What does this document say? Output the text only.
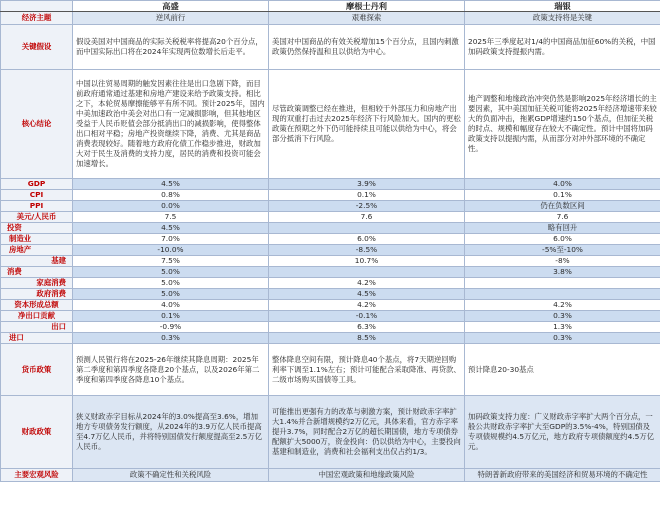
	高盛	摩根士丹利	瑞银
经济主题	逆风前行	艰难探索	政策支持将是关键
关键假设	假设美国对中国商品的实际关税税率将提高20个百分点，而中国实际出口将在2024年实现两位数增长后走平。	美国对中国商品的有效关税增加15个百分点，且国内刺激政策仍然保持温和且以供给为中心。	2025年三季度起对1/4的中国商品加征60%的关税，中国加码政策支持提振内需。
核心结论	中国以往贸易周期的触发因素往往是出口急剧下降，而目前政府通常通过基建和房地产建设来给予政策支持。相比之下，本轮贸易摩擦能够平有所不同。预计2025年，国内中美加速政治中美会对出口有一定减损影响，但其他地区受益于人民币贬值会部分抵消出口的减损影响，使得整体出口相对平稳；房地产投资继续下降，消费、尤其是商品消费表现较好。随着地方政府化债工作稳步推进，财政加大对于民生及消费的支持力度，居民的消费和投资可能会加速增长。	尽管政策调整已经在推进，但相较于外部压力和房地产出现的双重打击过去2025年经济下行风险加大。国内的更松政策在预期之外下仍可能持续且可能以供给为中心，将会部分抵消下行风险。	地产调整和地缘政治冲突仍然是影响2025年经济增长的主要因素，其中美国加征关税可能将2025年经济增速带来较大的负面冲击，拖累GDP增速约150个基点，但加征关税的时点、规模和幅度存在较大不确定性。预计中国将加码政策支持以提振内需，从而部分对冲外部环境的不确定性。
GDP	4.5%	3.9%	4.0%
CPI	0.8%	0.1%	0.1%
PPI	0.0%	-2.5%	仍在负数区间
美元/人民币	7.5	7.6	7.6
投资	4.5%		略有回升
制造业	7.0%	6.0%	6.0%
房地产	-10.0%	-8.5%	-5%至-10%
基建	7.5%	10.7%	-8%
消费	5.0%		3.8%
家庭消费	5.0%	4.2%	
政府消费	5.0%	4.5%	
资本形成总额	4.0%	4.2%	4.2%
净出口贡献	0.1%	-0.1%	0.3%
出口	-0.9%	6.3%	1.3%
进口	0.3%	8.5%	0.3%
货币政策	预测人民银行将在2025-26年继续其降息周期：2025年第二季度和第四季度各降息20个基点，以及2026年第二季度和第四季度各降息10个基点。	整体降息空间有限，预计降息40个基点，将7天期逆回购利率下调至1.1%左右；预计可能配合采取降准、再贷款、二级市场购买国债等工具。	预计降息20-30基点
财政政策	狭义财政赤字目标从2024年的3.0%提高至3.6%，增加地方专项债务发行额度，从2024年的3.9万亿人民币提高至4.7万亿人民币，并将特别国债发行额度提高至2.5万亿人民币。	可能推出更强有力的改革与刺激方案，预计财政赤字率扩大1.4%并合新增规模约2万亿元，具体来看，官方赤字率提升3.7%，同时配合2万亿的超长期国债，地方专项债券配额扩大5000万，资金投向：仍以供给为中心，主要投向基建和制造业，消费和社会福利支出仅占约1/3。	加码政策支持力度：广义财政赤字率扩大两个百分点，一般公共财政赤字率扩大至GDP的3.5%-4%，特别国债及专项债规模约4.5万亿元，地方政府专项债额度约4.5万亿元。
主要宏观风险	政策不确定性和关税风险	中国宏观政策和地缘政策风险	特朗普新政府带来的美国经济和贸易环境的不确定性
